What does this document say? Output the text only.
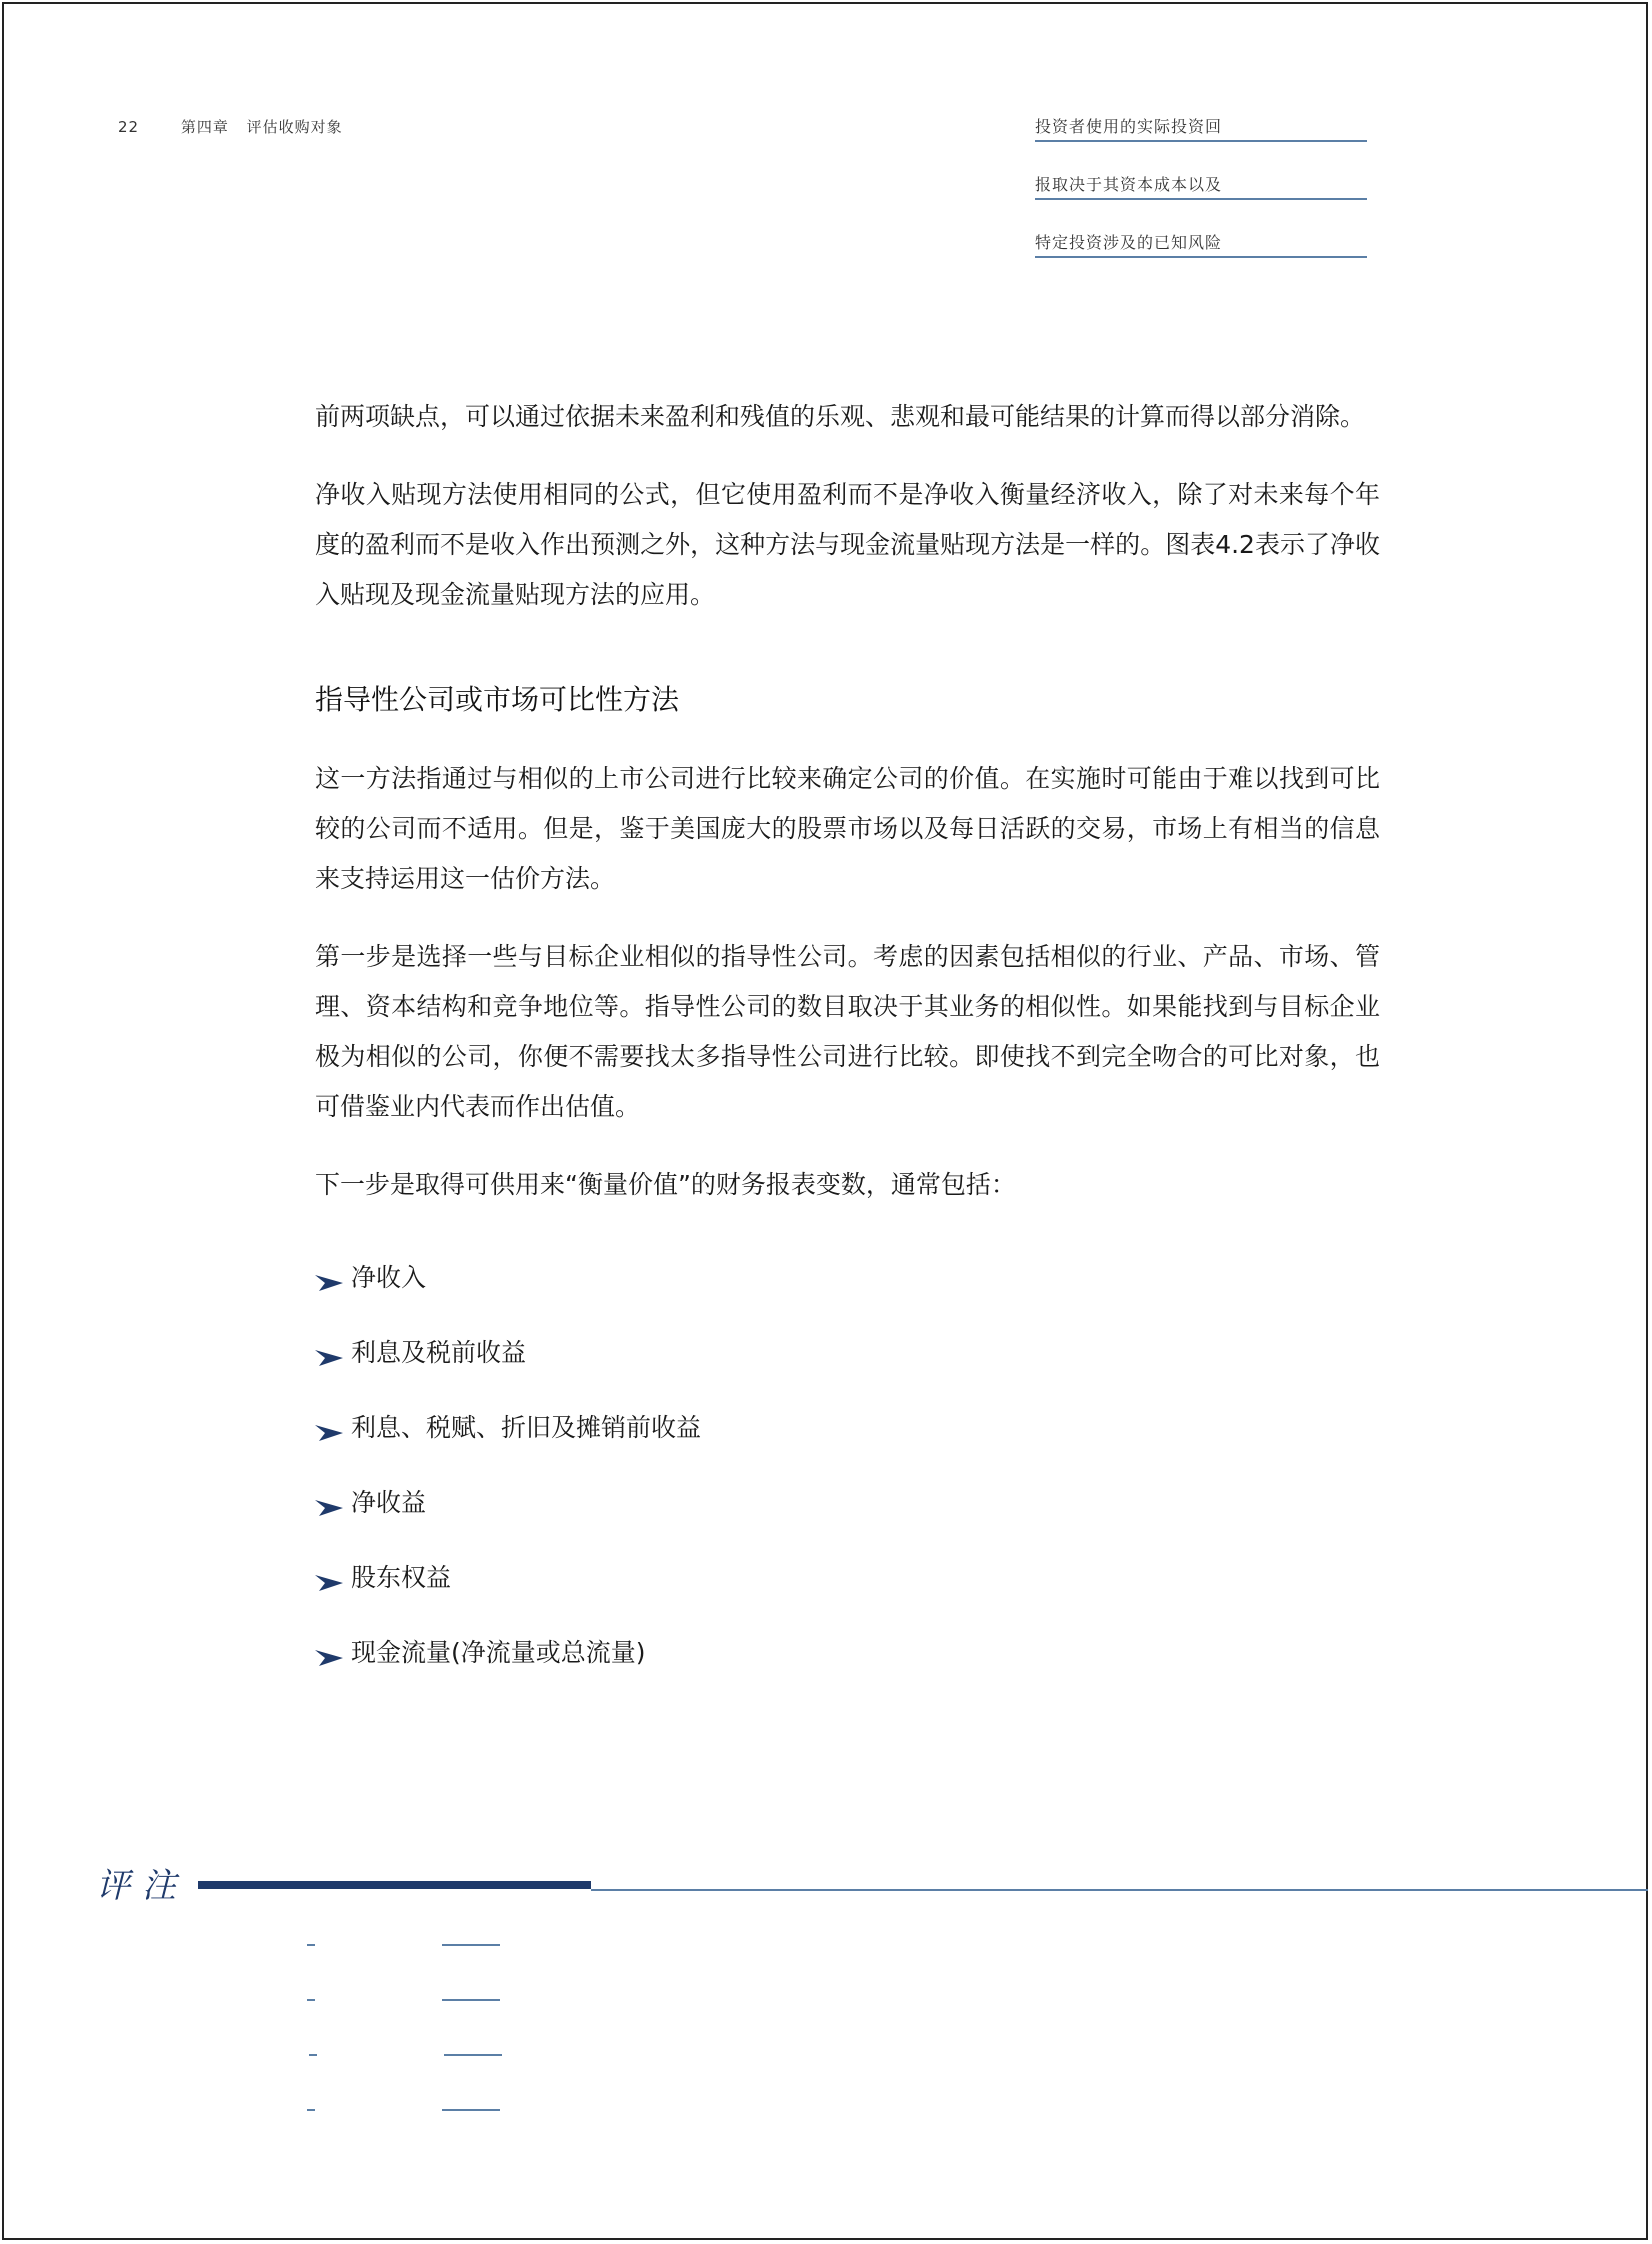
22	第四章 评估收购对象	投资者使用的实际投资回
报取决于其资本成本以及
特定投资涉及的已知风险

前两项缺点，可以通过依据未来盈利和残值的乐观、悲观和最可能结果的计算而得以部分消除。

净收入贴现方法使用相同的公式，但它使用盈利而不是净收入衡量经济收入，除了对未来每个年度的盈利而不是收入作出预测之外，这种方法与现金流量贴现方法是一样的。图表4.2表示了净收入贴现及现金流量贴现方法的应用。

指导性公司或市场可比性方法

这一方法指通过与相似的上市公司进行比较来确定公司的价值。在实施时可能由于难以找到可比较的公司而不适用。但是，鉴于美国庞大的股票市场以及每日活跃的交易，市场上有相当的信息来支持运用这一估价方法。

第一步是选择一些与目标企业相似的指导性公司。考虑的因素包括相似的行业、产品、市场、管理、资本结构和竞争地位等。指导性公司的数目取决于其业务的相似性。如果能找到与目标企业极为相似的公司，你便不需要找太多指导性公司进行比较。即使找不到完全吻合的可比对象，也可借鉴业内代表而作出估值。

下一步是取得可供用来“衡量价值”的财务报表变数，通常包括：

净收入
利息及税前收益
利息、税赋、折旧及摊销前收益
净收益
股东权益
现金流量(净流量或总流量)
评注
